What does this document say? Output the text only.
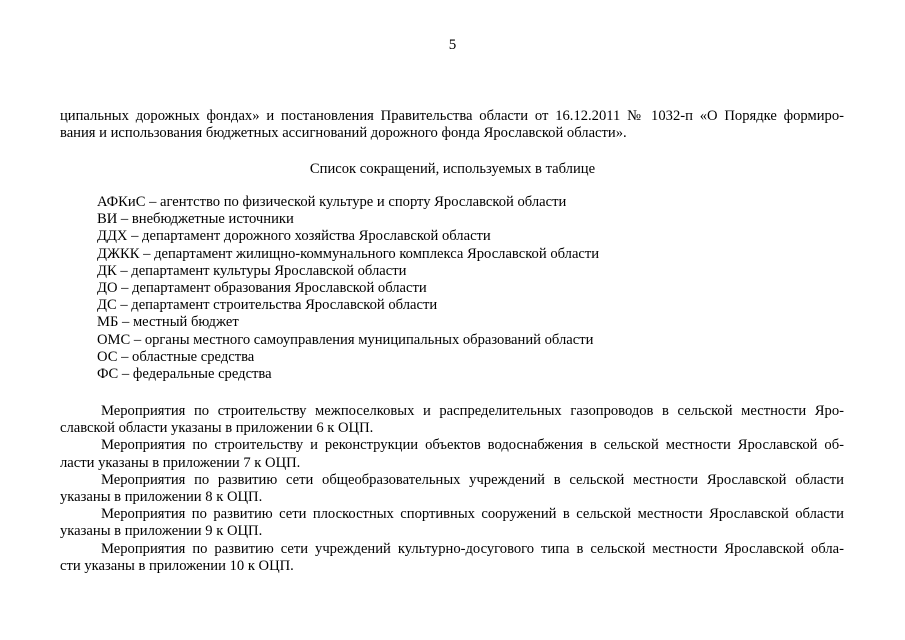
5
ципальных дорожных фондах» и постановления Правительства области от 16.12.2011 № 1032-п «О Порядке формиро-
вания и использования бюджетных ассигнований дорожного фонда Ярославской области».
Список сокращений, используемых в таблице
АФКиС – агентство по физической культуре и спорту Ярославской области
ВИ – внебюджетные источники
ДДХ – департамент дорожного хозяйства Ярославской области
ДЖКК – департамент жилищно-коммунального комплекса Ярославской области
ДК – департамент культуры Ярославской области
ДО – департамент образования Ярославской области
ДС – департамент строительства Ярославской области
МБ – местный бюджет
ОМС – органы местного самоуправления муниципальных образований области
ОС – областные средства
ФС – федеральные средства
Мероприятия по строительству межпоселковых и распределительных газопроводов в сельской местности Яро-
славской области указаны в приложении 6 к ОЦП.
Мероприятия по строительству и реконструкции объектов водоснабжения в сельской местности Ярославской об-
ласти указаны в приложении 7 к ОЦП.
Мероприятия по развитию сети общеобразовательных учреждений в сельской местности Ярославской области
указаны в приложении 8 к ОЦП.
Мероприятия по развитию сети плоскостных спортивных сооружений в сельской местности Ярославской области
указаны в приложении 9 к ОЦП.
Мероприятия по развитию сети учреждений культурно-досугового типа в сельской местности Ярославской обла-
сти указаны в приложении 10 к ОЦП.
